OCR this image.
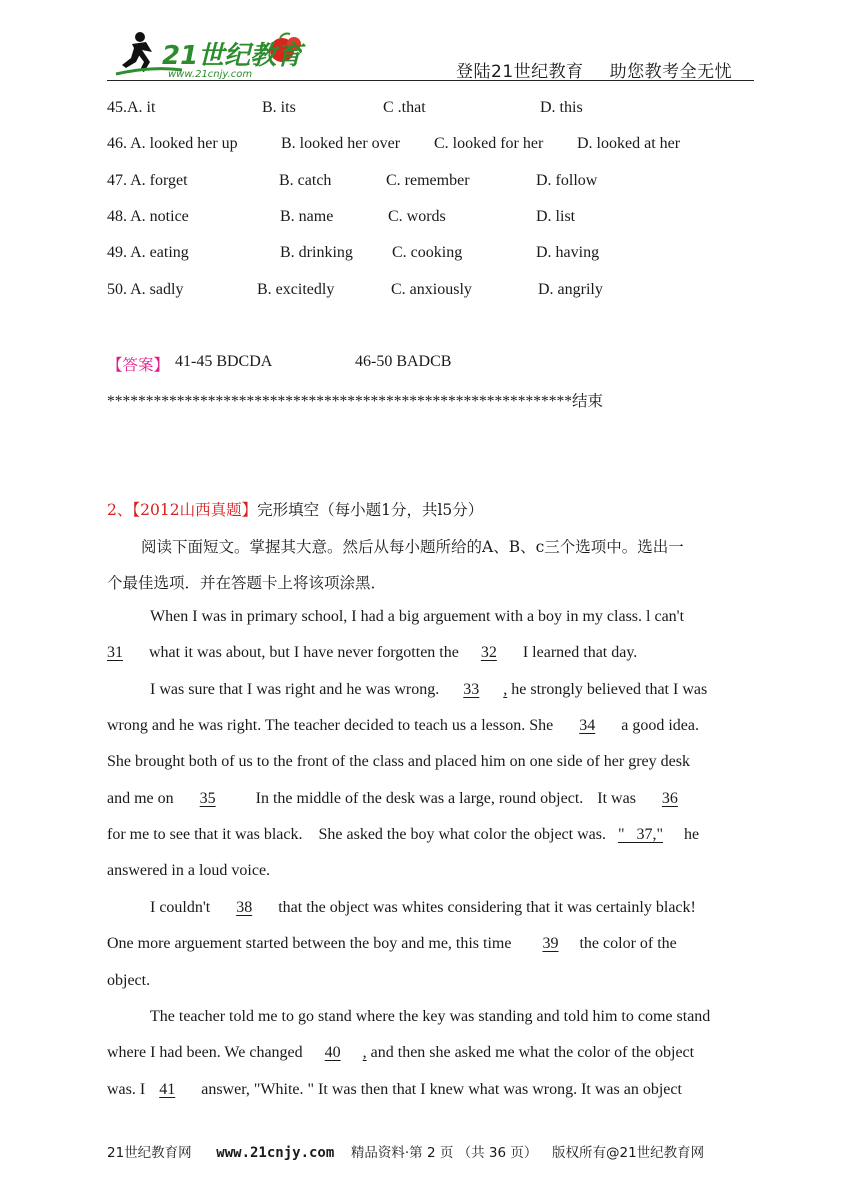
21世纪教育
www.21cnjy.com	登陆21世纪教育 助您教考全无忧
45.A. it	B. its	C .that	D. this
46. A. looked her up	B. looked her over C. looked for her D. looked at her
47. A. forget	B. catch	C. remember	D. follow
48. A. notice	B. name	C. words	D. list
49. A. eating	B. drinking C. cooking	D. having
50. A. sadly	B. excitedly	C. anxiously	D. angrily
【答案】 41-45 BDCDA	46-50 BADCB
************************************************************结束
2、【2012山西真题】完形填空（每小题1分，共l5分）
阅读下面短文。掌握其大意。然后从每小题所给的A、B、c三个选项中。选出一
个最佳选项．并在答题卡上将该项涂黑．
When I was in primary school, I had a big arguement with a boy in my class. l can't
31 what it was about, but I have never forgotten the 32 I learned that day.
I was sure that I was right and he was wrong. 33 , he strongly believed that I was
wrong and he was right. The teacher decided to teach us a lesson. She 34 a good idea.
She brought both of us to the front of the class and placed him on one side of her grey desk
and me on 35	In the middle of the desk was a large, round object. It was 36
for me to see that it was black. She asked the boy what color the object was. " 37," he
answered in a loud voice.
I couldn't 38 that the object was whites considering that it was certainly black!
One more arguement started between the boy and me, this time 39 the color of the
object.
The teacher told me to go stand where the key was standing and told him to come stand
where I had been. We changed 40 , and then she asked me what the color of the object
was. I 41 answer, "White. " It was then that I knew what was wrong. It was an object
21世纪教育网 www.21cnjy.com 精品资料·第 2 页 （共 36 页） 版权所有@21世纪教育网
